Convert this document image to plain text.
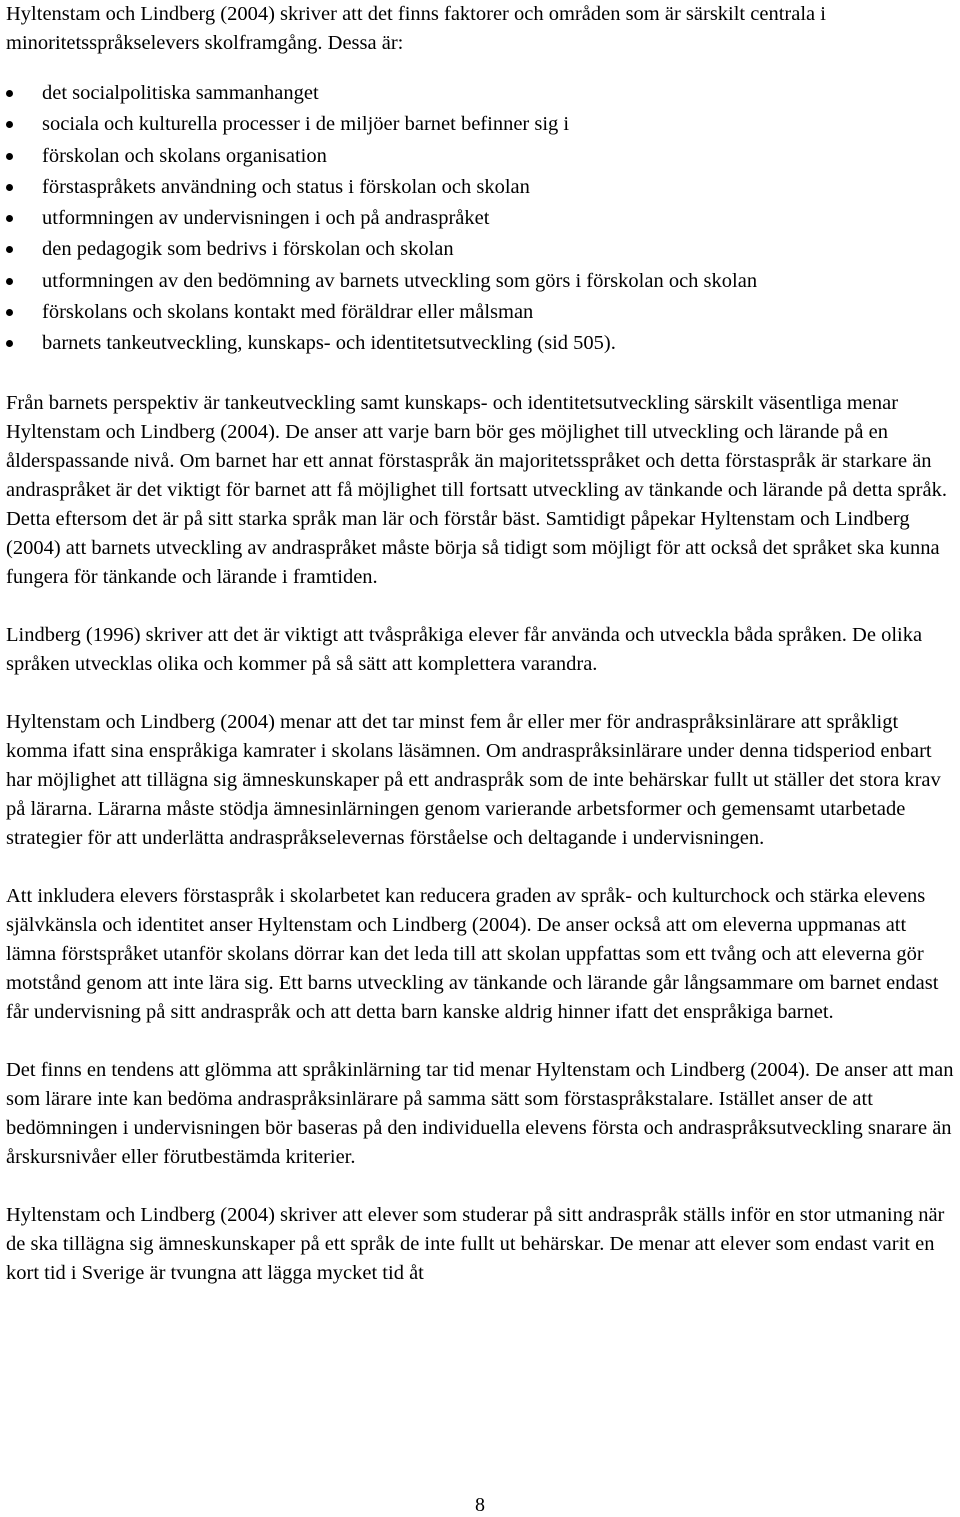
Hyltenstam och Lindberg (2004) skriver att det finns faktorer och områden som är särskilt centrala i minoritetsspråkselevers skolframgång. Dessa är:

det socialpolitiska sammanhanget
sociala och kulturella processer i de miljöer barnet befinner sig i
förskolan och skolans organisation
förstaspråkets användning och status i förskolan och skolan
utformningen av undervisningen i och på andraspråket
den pedagogik som bedrivs i förskolan och skolan
utformningen av den bedömning av barnets utveckling som görs i förskolan och skolan
förskolans och skolans kontakt med föräldrar eller målsman
barnets tankeutveckling, kunskaps- och identitetsutveckling (sid 505).

Från barnets perspektiv är tankeutveckling samt kunskaps- och identitetsutveckling särskilt väsentliga menar Hyltenstam och Lindberg (2004). De anser att varje barn bör ges möjlighet till utveckling och lärande på en ålderspassande nivå. Om barnet har ett annat förstaspråk än majoritetsspråket och detta förstaspråk är starkare än andraspråket är det viktigt för barnet att få möjlighet till fortsatt utveckling av tänkande och lärande på detta språk. Detta eftersom det är på sitt starka språk man lär och förstår bäst. Samtidigt påpekar Hyltenstam och Lindberg (2004) att barnets utveckling av andraspråket måste börja så tidigt som möjligt för att också det språket ska kunna fungera för tänkande och lärande i framtiden.

Lindberg (1996) skriver att det är viktigt att tvåspråkiga elever får använda och utveckla båda språken. De olika språken utvecklas olika och kommer på så sätt att komplettera varandra.

Hyltenstam och Lindberg (2004) menar att det tar minst fem år eller mer för andraspråksinlärare att språkligt komma ifatt sina enspråkiga kamrater i skolans läsämnen. Om andraspråksinlärare under denna tidsperiod enbart har möjlighet att tillägna sig ämneskunskaper på ett andraspråk som de inte behärskar fullt ut ställer det stora krav på lärarna. Lärarna måste stödja ämnesinlärningen genom varierande arbetsformer och gemensamt utarbetade strategier för att underlätta andraspråkselevernas förståelse och deltagande i undervisningen.

Att inkludera elevers förstaspråk i skolarbetet kan reducera graden av språk- och kulturchock och stärka elevens självkänsla och identitet anser Hyltenstam och Lindberg (2004). De anser också att om eleverna uppmanas att lämna förstspråket utanför skolans dörrar kan det leda till att skolan uppfattas som ett tvång och att eleverna gör motstånd genom att inte lära sig. Ett barns utveckling av tänkande och lärande går långsammare om barnet endast får undervisning på sitt andraspråk och att detta barn kanske aldrig hinner ifatt det enspråkiga barnet.

Det finns en tendens att glömma att språkinlärning tar tid menar Hyltenstam och Lindberg (2004). De anser att man som lärare inte kan bedöma andraspråksinlärare på samma sätt som förstaspråkstalare. Istället anser de att bedömningen i undervisningen bör baseras på den individuella elevens första och andraspråksutveckling snarare än årskursnivåer eller förutbestämda kriterier.

Hyltenstam och Lindberg (2004) skriver att elever som studerar på sitt andraspråk ställs inför en stor utmaning när de ska tillägna sig ämneskunskaper på ett språk de inte fullt ut behärskar. De menar att elever som endast varit en kort tid i Sverige är tvungna att lägga mycket tid åt

8
